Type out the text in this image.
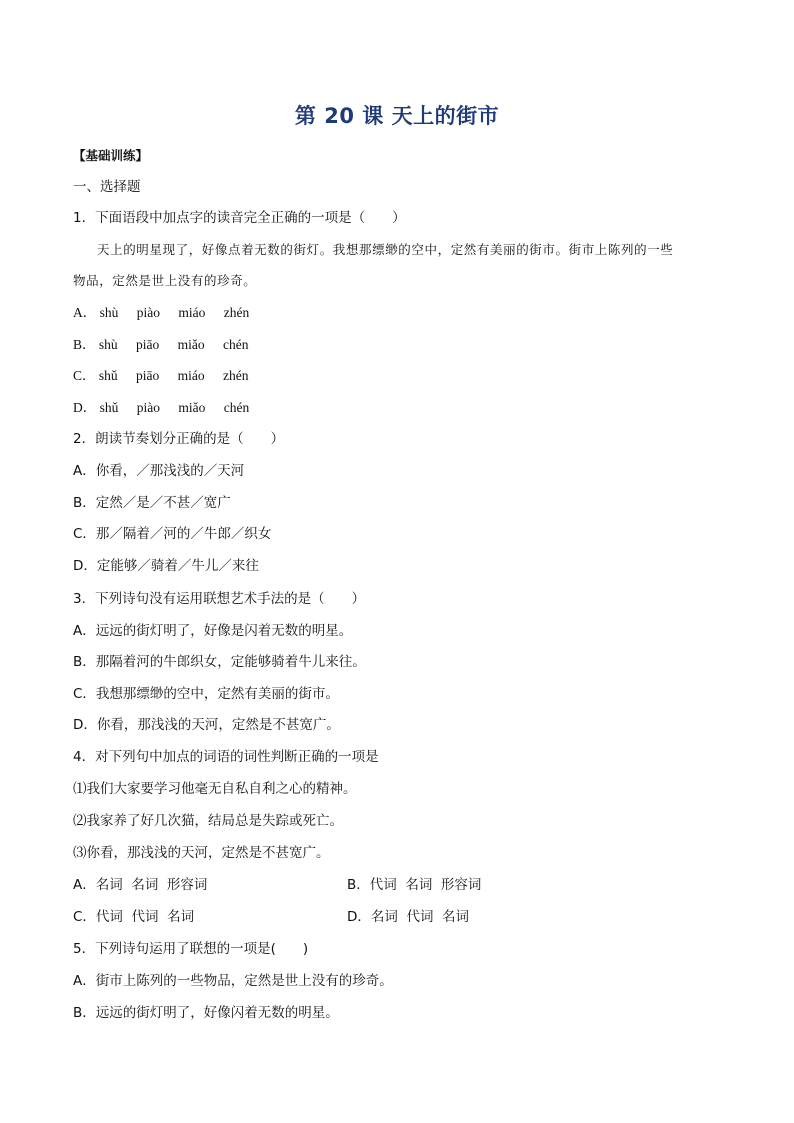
第 20 课 天上的街市
【基础训练】
一、选择题
1．下面语段中加点字的读音完全正确的一项是（　　）
天上的明星现了，好像点着无数的街灯。我想那缥缈的空中，定然有美丽的街市。街市上陈列的一些
物品，定然是世上没有的珍奇。
A． shù piào miáo zhén
B． shù piāo miǎo chén
C． shǔ piāo miáo zhén
D． shǔ piào miǎo chén
2．朗读节奏划分正确的是（　　）
A．你看，／那浅浅的／天河
B．定然／是／不甚／宽广
C．那／隔着／河的／牛郎／织女
D．定能够／骑着／牛儿／来往
3．下列诗句没有运用联想艺术手法的是（　　）
A．远远的街灯明了，好像是闪着无数的明星。
B．那隔着河的牛郎织女，定能够骑着牛儿来往。
C．我想那缥缈的空中，定然有美丽的街市。
D．你看，那浅浅的天河，定然是不甚宽广。
4．对下列句中加点的词语的词性判断正确的一项是
⑴我们大家要学习他毫无自私自利之心的精神。
⑵我家养了好几次猫，结局总是失踪或死亡。
⑶你看，那浅浅的天河，定然是不甚宽广。
A．名词  名词  形容词	B．代词  名词  形容词
C．代词  代词  名词	D．名词  代词  名词
5．下列诗句运用了联想的一项是(　　)
A．街市上陈列的一些物品，定然是世上没有的珍奇。
B．远远的街灯明了，好像闪着无数的明星。
